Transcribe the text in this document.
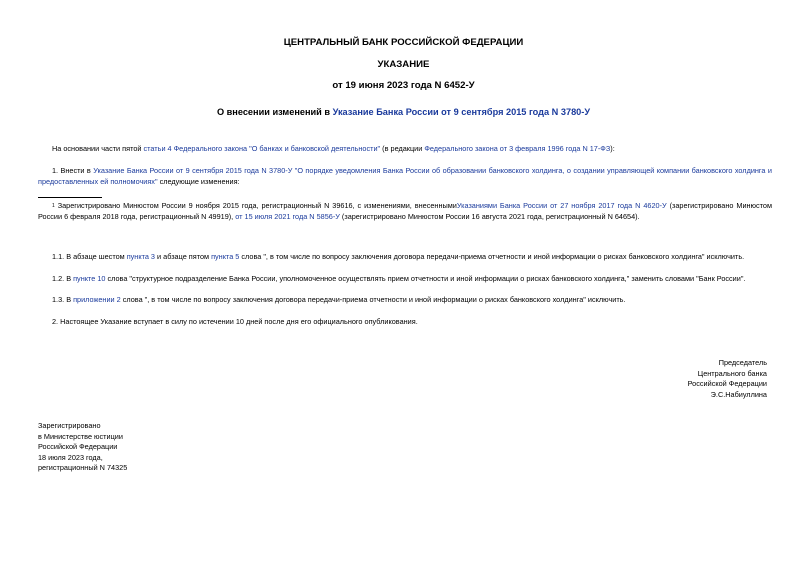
ЦЕНТРАЛЬНЫЙ БАНК РОССИЙСКОЙ ФЕДЕРАЦИИ
УКАЗАНИЕ
от 19 июня 2023 года N 6452-У
О внесении изменений в Указание Банка России от 9 сентября 2015 года N 3780-У
На основании части пятой статьи 4 Федерального закона "О банках и банковской деятельности" (в редакции Федерального закона от 3 февраля 1996 года N 17-ФЗ):
1. Внести в Указание Банка России от 9 сентября 2015 года N 3780-У "О порядке уведомления Банка России об образовании банковского холдинга, о создании управляющей компании банковского холдинга и предоставленных ей полномочиях" следующие изменения:
$^1$ Зарегистрировано Минюстом России 9 ноября 2015 года, регистрационный N 39616, с изменениями, внесеннымиУказаниями Банка России от 27 ноября 2017 года N 4620-У (зарегистрировано Минюстом России 6 февраля 2018 года, регистрационный N 49919), от 15 июля 2021 года N 5856-У (зарегистрировано Минюстом России 16 августа 2021 года, регистрационный N 64654).
1.1. В абзаце шестом пункта 3 и абзаце пятом пункта 5 слова ", в том числе по вопросу заключения договора передачи-приема отчетности и иной информации о рисках банковского холдинга" исключить.
1.2. В пункте 10 слова "структурное подразделение Банка России, уполномоченное осуществлять прием отчетности и иной информации о рисках банковского холдинга," заменить словами "Банк России".
1.3. В приложении 2 слова ", в том числе по вопросу заключения договора передачи-приема отчетности и иной информации о рисках банковского холдинга" исключить.
2. Настоящее Указание вступает в силу по истечении 10 дней после дня его официального опубликования.
Председатель
Центрального банка
Российской Федерации
Э.С.Набиуллина
Зарегистрировано
в Министерстве юстиции
Российской Федерации
18 июля 2023 года,
регистрационный N 74325
